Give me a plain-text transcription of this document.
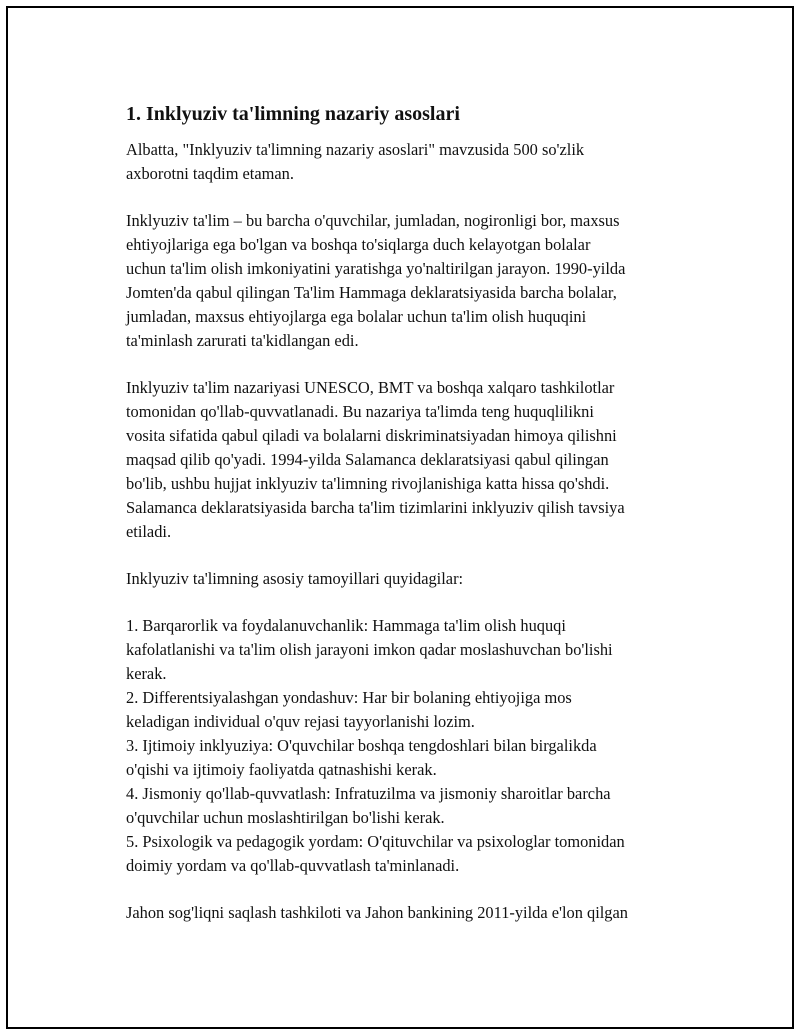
1. Inklyuziv ta'limning nazariy asoslari

Albatta, "Inklyuziv ta'limning nazariy asoslari" mavzusida 500 so'zlik
axborotni taqdim etaman.

Inklyuziv ta'lim – bu barcha o'quvchilar, jumladan, nogironligi bor, maxsus
ehtiyojlariga ega bo'lgan va boshqa to'siqlarga duch kelayotgan bolalar
uchun ta'lim olish imkoniyatini yaratishga yo'naltirilgan jarayon. 1990-yilda
Jomten'da qabul qilingan Ta'lim Hammaga deklaratsiyasida barcha bolalar,
jumladan, maxsus ehtiyojlarga ega bolalar uchun ta'lim olish huquqini
ta'minlash zarurati ta'kidlangan edi.

Inklyuziv ta'lim nazariyasi UNESCO, BMT va boshqa xalqaro tashkilotlar
tomonidan qo'llab-quvvatlanadi. Bu nazariya ta'limda teng huquqlilikni
vosita sifatida qabul qiladi va bolalarni diskriminatsiyadan himoya qilishni
maqsad qilib qo'yadi. 1994-yilda Salamanca deklaratsiyasi qabul qilingan
bo'lib, ushbu hujjat inklyuziv ta'limning rivojlanishiga katta hissa qo'shdi.
Salamanca deklaratsiyasida barcha ta'lim tizimlarini inklyuziv qilish tavsiya
etiladi.

Inklyuziv ta'limning asosiy tamoyillari quyidagilar:

1. Barqarorlik va foydalanuvchanlik: Hammaga ta'lim olish huquqi
kafolatlanishi va ta'lim olish jarayoni imkon qadar moslashuvchan bo'lishi
kerak.
2. Differentsiyalashgan yondashuv: Har bir bolaning ehtiyojiga mos
keladigan individual o'quv rejasi tayyorlanishi lozim.
3. Ijtimoiy inklyuziya: O'quvchilar boshqa tengdoshlari bilan birgalikda
o'qishi va ijtimoiy faoliyatda qatnashishi kerak.
4. Jismoniy qo'llab-quvvatlash: Infratuzilma va jismoniy sharoitlar barcha
o'quvchilar uchun moslashtirilgan bo'lishi kerak.
5. Psixologik va pedagogik yordam: O'qituvchilar va psixologlar tomonidan
doimiy yordam va qo'llab-quvvatlash ta'minlanadi.

Jahon sog'liqni saqlash tashkiloti va Jahon bankining 2011-yilda e'lon qilgan
